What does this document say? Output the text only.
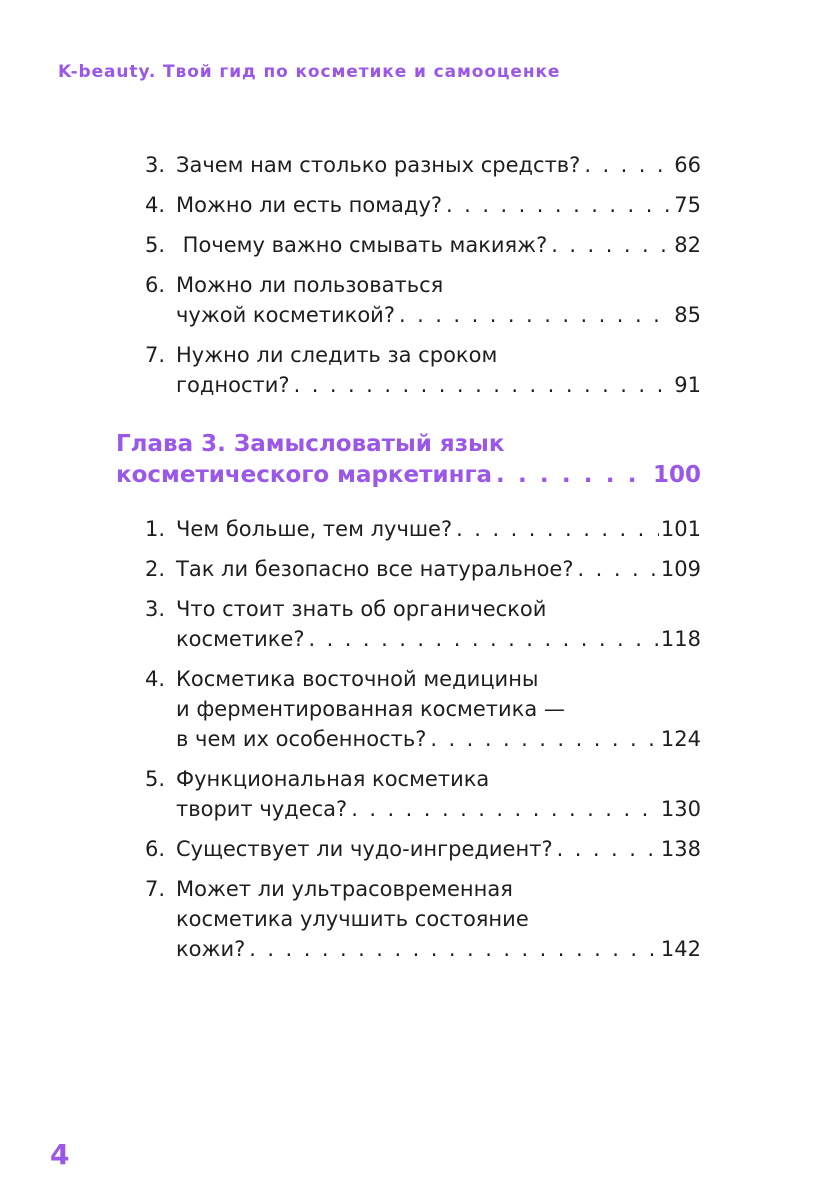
K-beauty. Твой гид по косметике и самооценке
3. Зачем нам столько разных средств? . . .	66
4. Можно ли есть помаду? . . .	75
5. Почему важно смывать макияж? . . .	82
6. Можно ли пользоваться
чужой косметикой? . . .	85
7. Нужно ли следить за сроком
годности? . . .	91
Глава 3. Замысловатый язык
косметического маркетинга . . .	100
1. Чем больше, тем лучше? . . .	101
2. Так ли безопасно все натуральное? . . .	109
3. Что стоит знать об органической
косметике? . . .	118
4. Косметика восточной медицины
и ферментированная косметика —
в чем их особенность? . . .	124
5. Функциональная косметика
творит чудеса? . . .	130
6. Существует ли чудо-ингредиент? . . .	138
7. Может ли ультрасовременная
косметика улучшить состояние
кожи? . . .	142
4
